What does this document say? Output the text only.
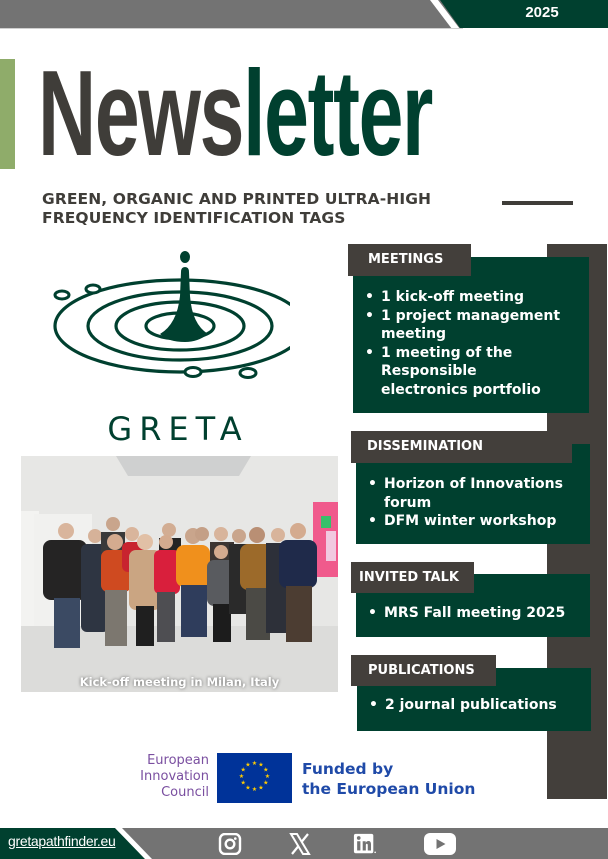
2025
Newsletter
GREEN, ORGANIC AND PRINTED ULTRA-HIGH
FREQUENCY IDENTIFICATION TAGS
GRETA
Kick-off meeting in Milan, Italy
• 1 kick-off meeting
• 1 project management meeting
• 1 meeting of the Responsible electronics portfolio
MEETINGS
• Horizon of Innovations forum
• DFM winter workshop
DISSEMINATION
• MRS Fall meeting 2025
INVITED TALK
• 2 journal publications
PUBLICATIONS
European
Innovation
Council
★ ★
★
★
★
★
★
★
★
★
★
★	Funded by
the European Union
gretapathfinder.eu
